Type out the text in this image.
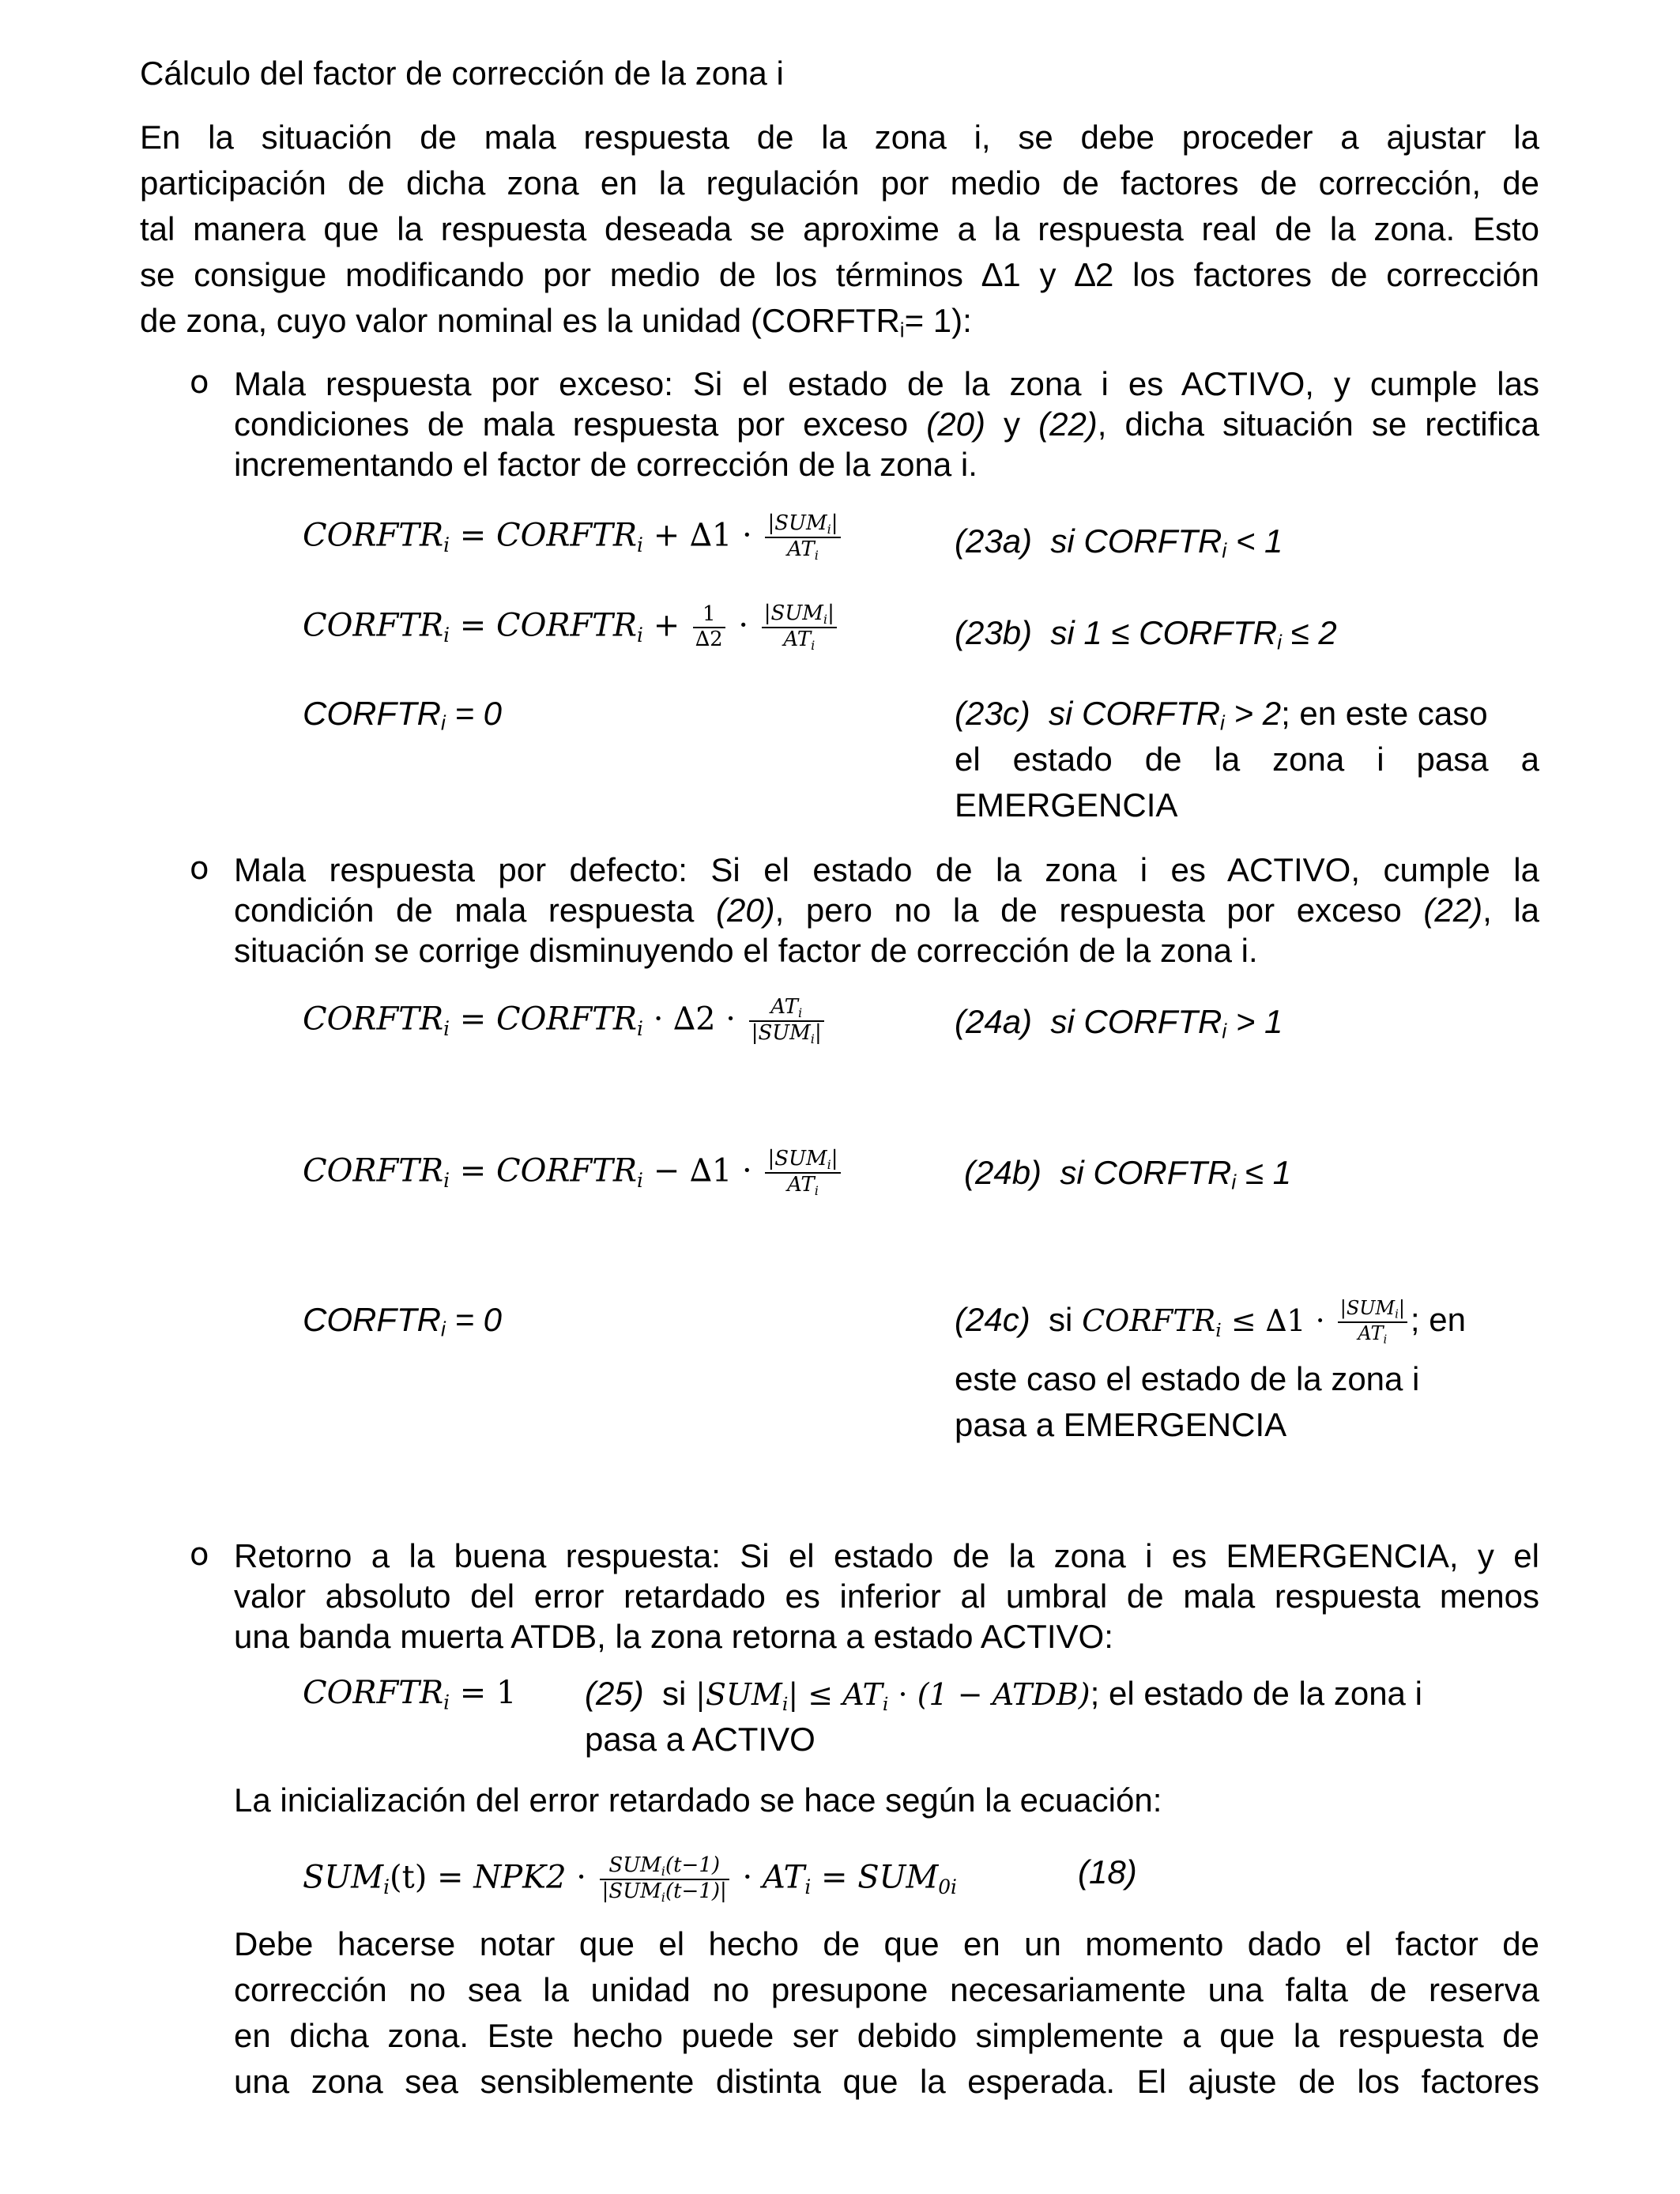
Cálculo del factor de corrección de la zona i
En la situación de mala respuesta de la zona i, se debe proceder a ajustar la
participación de dicha zona en la regulación por medio de factores de corrección, de
tal manera que la respuesta deseada se aproxime a la respuesta real de la zona. Esto
se consigue modificando por medio de los términos ∆1 y ∆2 los factores de corrección
de zona, cuyo valor nominal es la unidad $(CORFTR_i= 1)$:
o Mala respuesta por exceso: Si el estado de la zona i es ACTIVO, y cumple las
condiciones de mala respuesta por exceso (20) y (22), dicha situación se rectifica
incrementando el factor de corrección de la zona i.
$CORFTR_i$ = $CORFTR_i + \Delta 1 \cdot \frac{|SUM_i|}{AT_i}$	(23a) si $CORFTR_i < 1$
$CORFTR_i$ = $CORFTR_i + \frac{1}{\Delta 2} \cdot \frac{|SUM_i|}{AT_i}$	(23b) si $1 \le CORFTR_i \le 2$
$CORFTR_i = 0$	(23c) si $CORFTR_i > 2$; en este caso
el estado de la zona i pasa a
EMERGENCIA
o Mala respuesta por defecto: Si el estado de la zona i es ACTIVO, cumple la
condición de mala respuesta (20), pero no la de respuesta por exceso (22), la
situación se corrige disminuyendo el factor de corrección de la zona i.
$CORFTR_i$ = $CORFTR_i \cdot \Delta 2 \cdot \frac{AT_i}{|SUM_i|}$	(24a) si $CORFTR_i > 1$
$CORFTR_i$ = $CORFTR_i - \Delta 1 \cdot \frac{|SUM_i|}{AT_i}$	(24b) si $CORFTR_i \le 1$
$CORFTR_i = 0$	(24c) si $CORFTR_i \le \Delta 1 \cdot \frac{|SUM_i|}{AT_i}$ ; en
este caso el estado de la zona i
pasa a EMERGENCIA
o Retorno a la buena respuesta: Si el estado de la zona i es EMERGENCIA, y el
valor absoluto del error retardado es inferior al umbral de mala respuesta menos
una banda muerta ATDB, la zona retorna a estado ACTIVO:
$CORFTR_i = 1$ (25) si $|SUM_i| \le AT_i \cdot (1$ − ATDB); el estado de la zona i
pasa a ACTIVO
La inicialización del error retardado se hace según la ecuación:
$SUM_i(t) = NPK2 \cdot \frac{SUM_i(t-1)}{|SUM_i(t-1)|} \cdot AT_i = SUM_{0i}$	(18)
Debe hacerse notar que el hecho de que en un momento dado el factor de
corrección no sea la unidad no presupone necesariamente una falta de reserva
en dicha zona. Este hecho puede ser debido simplemente a que la respuesta de
una zona sea sensiblemente distinta que la esperada. El ajuste de los factores
